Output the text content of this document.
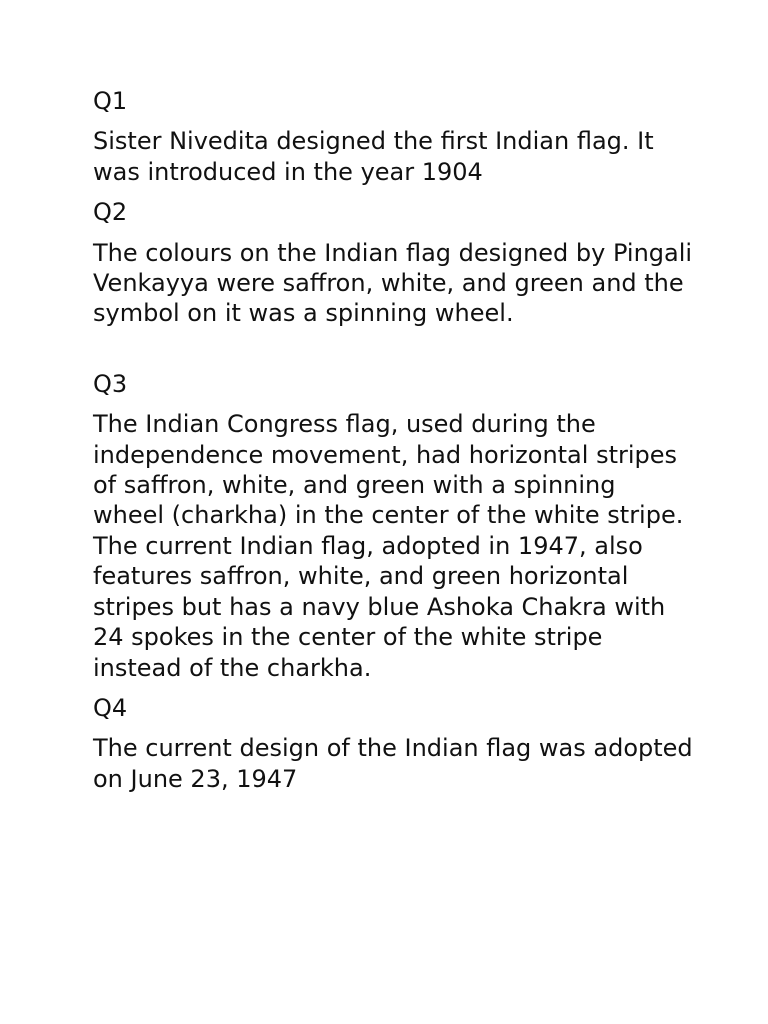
Q1
Sister Nivedita designed the first Indian flag. It was introduced in the year 1904
Q2
The colours on the Indian flag designed by Pingali Venkayya were saffron, white, and green and the symbol on it was a spinning wheel.
Q3
The Indian Congress flag, used during the independence movement, had horizontal stripes of saffron, white, and green with a spinning wheel (charkha) in the center of the white stripe. The current Indian flag, adopted in 1947, also features saffron, white, and green horizontal stripes but has a navy blue Ashoka Chakra with 24 spokes in the center of the white stripe instead of the charkha.
Q4
The current design of the Indian flag was adopted on June 23, 1947
